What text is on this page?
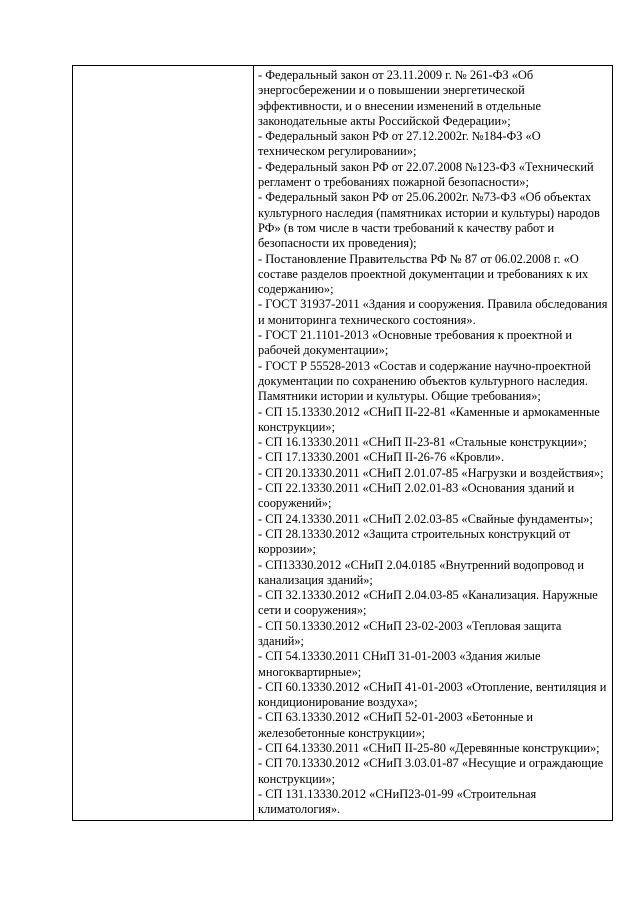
- Федеральный закон от 23.11.2009 г. № 261-ФЗ «Об энергосбережении и о повышении энергетической эффективности, и о внесении изменений в отдельные законодательные акты Российской Федерации»;

- Федеральный закон РФ от 27.12.2002г. №184-ФЗ «О техническом регулировании»;

- Федеральный закон РФ от 22.07.2008 №123-ФЗ «Технический регламент о требованиях пожарной безопасности»;

- Федеральный закон РФ от 25.06.2002г. №73-ФЗ «Об объектах культурного наследия (памятниках истории и культуры) народов РФ» (в том числе в части требований к качеству работ и безопасности их проведения);

- Постановление Правительства РФ № 87 от 06.02.2008 г. «О составе разделов проектной документации и требованиях к их содержанию»;

- ГОСТ 31937-2011 «Здания и сооружения. Правила обследования и мониторинга технического состояния».

- ГОСТ 21.1101-2013 «Основные требования к проектной и рабочей документации»;

- ГОСТ Р 55528-2013 «Состав и содержание научно-проектной документации по сохранению объектов культурного наследия. Памятники истории и культуры. Общие требования»;

- СП 15.13330.2012 «СНиП II-22-81 «Каменные и армокаменные конструкции»;

- СП 16.13330.2011 «СНиП II-23-81 «Стальные конструкции»;

- СП 17.13330.2001 «СНиП II-26-76 «Кровли».

- СП 20.13330.2011 «СНиП 2.01.07-85 «Нагрузки и воздействия»;

- СП 22.13330.2011 «СНиП 2.02.01-83 «Основания зданий и сооружений»;

- СП 24.13330.2011 «СНиП 2.02.03-85 «Свайные фундаменты»;

- СП 28.13330.2012 «Защита строительных конструкций от коррозии»;

- СП13330.2012 «СНиП 2.04.0185 «Внутренний водопровод и канализация зданий»;

- СП 32.13330.2012 «СНиП 2.04.03-85 «Канализация. Наружные сети и сооружения»;

- СП 50.13330.2012 «СНиП 23-02-2003 «Тепловая защита зданий»;

- СП 54.13330.2011 СНиП 31-01-2003 «Здания жилые многоквартирные»;

- СП 60.13330.2012 «СНиП 41-01-2003 «Отопление, вентиляция и кондиционирование воздуха»;

- СП 63.13330.2012 «СНиП 52-01-2003 «Бетонные и железобетонные конструкции»;

- СП 64.13330.2011 «СНиП II-25-80 «Деревянные конструкции»;

- СП 70.13330.2012 «СНиП 3.03.01-87 «Несущие и ограждающие конструкции»;

- СП 131.13330.2012 «СНиП23-01-99 «Строительная климатология».
